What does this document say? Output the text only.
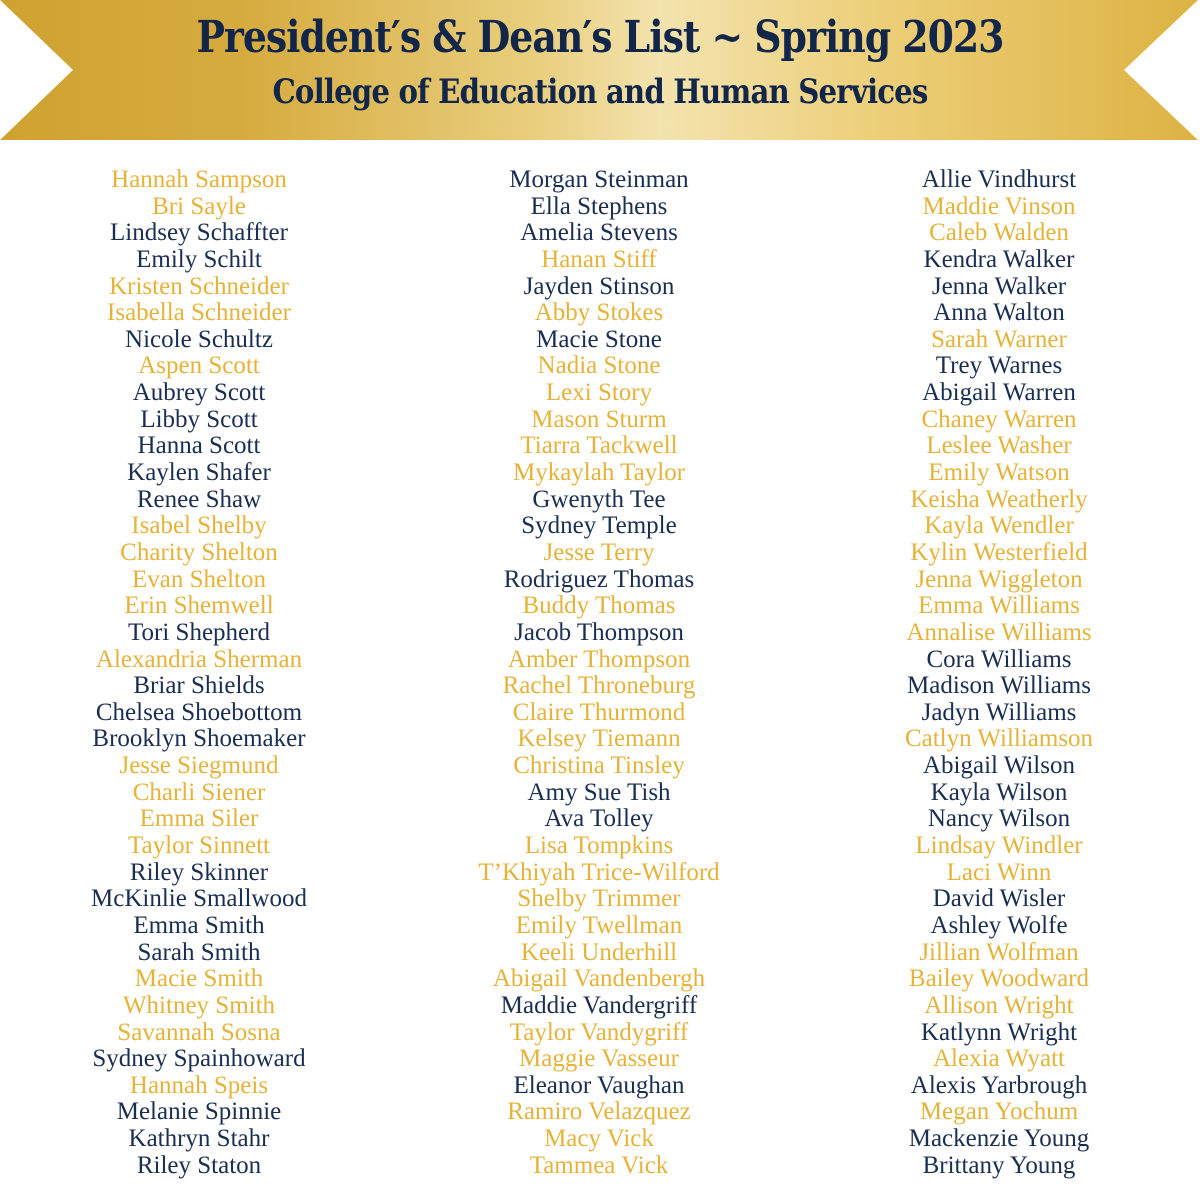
President′s & Dean′s List ~ Spring 2023
College of Education and Human Services
Hannah Sampson
Bri Sayle
Lindsey Schaffter
Emily Schilt
Kristen Schneider
Isabella Schneider
Nicole Schultz
Aspen Scott
Aubrey Scott
Libby Scott
Hanna Scott
Kaylen Shafer
Renee Shaw
Isabel Shelby
Charity Shelton
Evan Shelton
Erin Shemwell
Tori Shepherd
Alexandria Sherman
Briar Shields
Chelsea Shoebottom
Brooklyn Shoemaker
Jesse Siegmund
Charli Siener
Emma Siler
Taylor Sinnett
Riley Skinner
McKinlie Smallwood
Emma Smith
Sarah Smith
Macie Smith
Whitney Smith
Savannah Sosna
Sydney Spainhoward
Hannah Speis
Melanie Spinnie
Kathryn Stahr
Riley Staton
Morgan Steinman
Ella Stephens
Amelia Stevens
Hanan Stiff
Jayden Stinson
Abby Stokes
Macie Stone
Nadia Stone
Lexi Story
Mason Sturm
Tiarra Tackwell
Mykaylah Taylor
Gwenyth Tee
Sydney Temple
Jesse Terry
Rodriguez Thomas
Buddy Thomas
Jacob Thompson
Amber Thompson
Rachel Throneburg
Claire Thurmond
Kelsey Tiemann
Christina Tinsley
Amy Sue Tish
Ava Tolley
Lisa Tompkins
T’Khiyah Trice-Wilford
Shelby Trimmer
Emily Twellman
Keeli Underhill
Abigail Vandenbergh
Maddie Vandergriff
Taylor Vandygriff
Maggie Vasseur
Eleanor Vaughan
Ramiro Velazquez
Macy Vick
Tammea Vick
Allie Vindhurst
Maddie Vinson
Caleb Walden
Kendra Walker
Jenna Walker
Anna Walton
Sarah Warner
Trey Warnes
Abigail Warren
Chaney Warren
Leslee Washer
Emily Watson
Keisha Weatherly
Kayla Wendler
Kylin Westerfield
Jenna Wiggleton
Emma Williams
Annalise Williams
Cora Williams
Madison Williams
Jadyn Williams
Catlyn Williamson
Abigail Wilson
Kayla Wilson
Nancy Wilson
Lindsay Windler
Laci Winn
David Wisler
Ashley Wolfe
Jillian Wolfman
Bailey Woodward
Allison Wright
Katlynn Wright
Alexia Wyatt
Alexis Yarbrough
Megan Yochum
Mackenzie Young
Brittany Young
